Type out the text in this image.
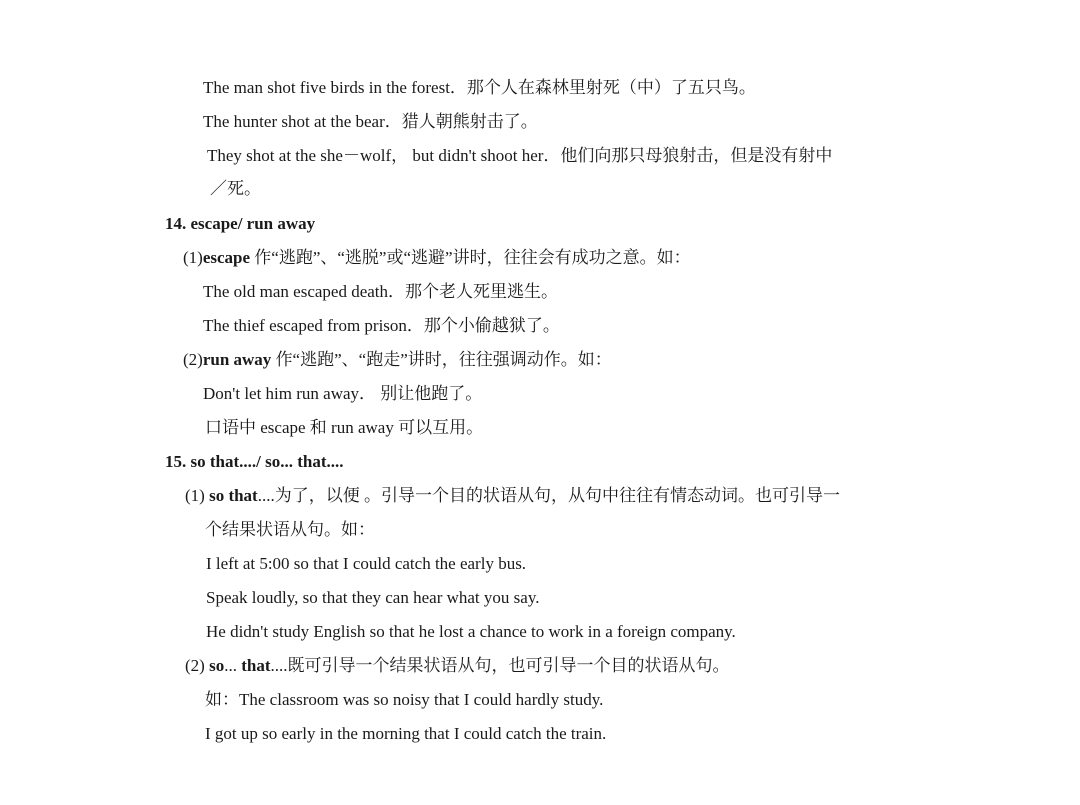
The man shot five birds in the forest．那个人在森林里射死（中）了五只鸟。
The hunter shot at the bear．猎人朝熊射击了。
They shot at the she－wolf， but didn't shoot her．他们向那只母狼射击，但是没有射中
／死。
14. escape/ run away
(1)escape 作“逃跑”、“逃脱”或“逃避”讲时，往往会有成功之意。如：
The old man escaped death．那个老人死里逃生。
The thief escaped from prison．那个小偷越狱了。
(2)run away 作“逃跑”、“跑走”讲时，往往强调动作。如：
Don't let him run away． 别让他跑了。
口语中 escape 和 run away 可以互用。
15. so that..../ so... that....
(1) so that....为了，以便 。引导一个目的状语从句，从句中往往有情态动词。也可引导一
个结果状语从句。如：
I left at 5:00 so that I could catch the early bus.
Speak loudly, so that they can hear what you say.
He didn't study English so that he lost a chance to work in a foreign company.
(2) so... that....既可引导一个结果状语从句，也可引导一个目的状语从句。
如：The classroom was so noisy that I could hardly study.
I got up so early in the morning that I could catch the train.
